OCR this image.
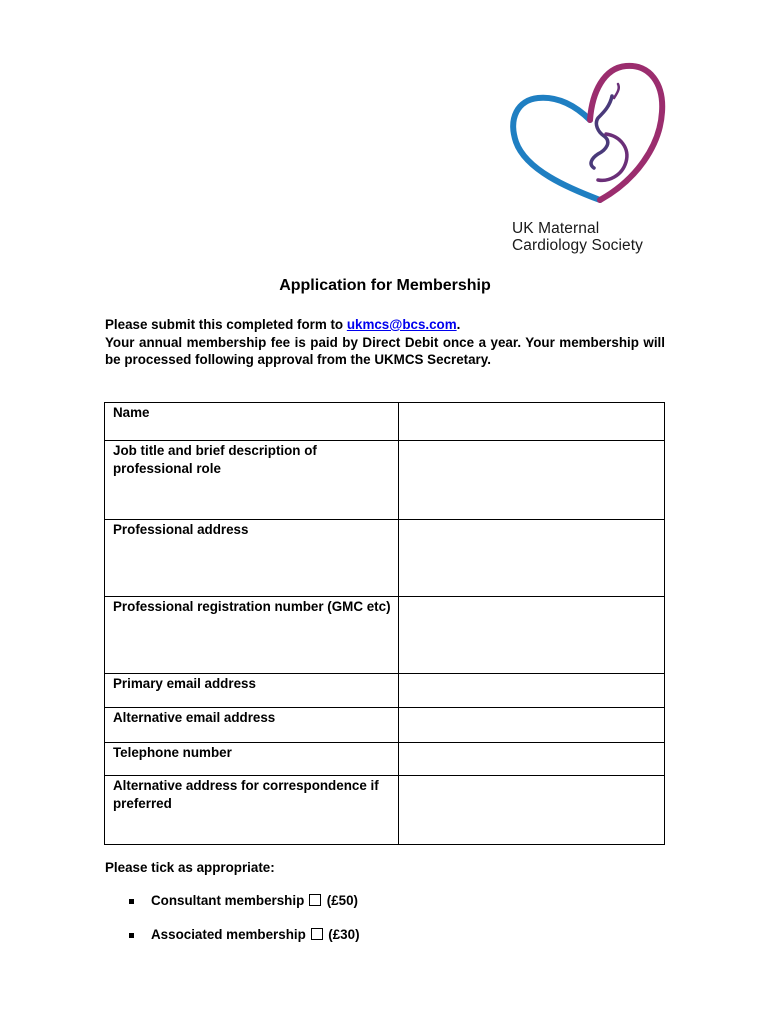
UK Maternal
Cardiology Society
Application for Membership
Please submit this completed form to ukmcs@bcs.com.
Your annual membership fee is paid by Direct Debit once a year. Your membership will be processed following approval from the UKMCS Secretary.
Name	
Job title and brief description of professional role	
Professional address	
Professional registration number (GMC etc)	
Primary email address	
Alternative email address	
Telephone number	
Alternative address for correspondence if preferred	
Please tick as appropriate:
Consultant membership (£50)
Associated membership (£30)
